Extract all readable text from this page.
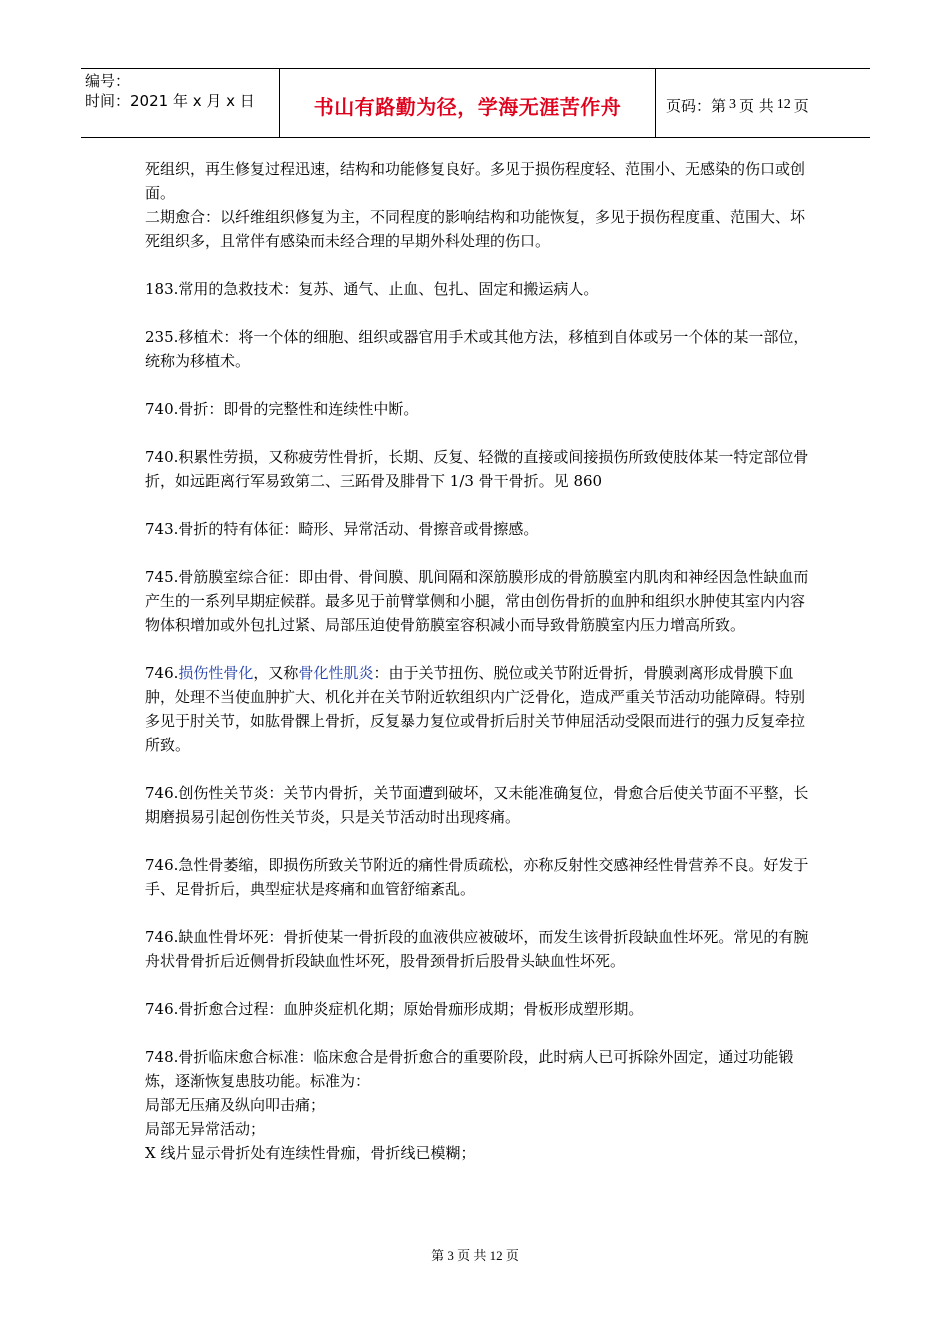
编号：
时间：2021 年 x 月 x 日	书山有路勤为径，学海无涯苦作舟	页码：第 3 页 共 12 页

死组织，再生修复过程迅速，结构和功能修复良好。多见于损伤程度轻、范围小、无感染的伤口或创面。

二期愈合：以纤维组织修复为主，不同程度的影响结构和功能恢复，多见于损伤程度重、范围大、坏死组织多，且常伴有感染而未经合理的早期外科处理的伤口。

183.常用的急救技术：复苏、通气、止血、包扎、固定和搬运病人。

235.移植术：将一个体的细胞、组织或器官用手术或其他方法，移植到自体或另一个体的某一部位，统称为移植术。

740.骨折：即骨的完整性和连续性中断。

740.积累性劳损，又称疲劳性骨折，长期、反复、轻微的直接或间接损伤所致使肢体某一特定部位骨折，如远距离行军易致第二、三跖骨及腓骨下 1/3 骨干骨折。见 860

743.骨折的特有体征：畸形、异常活动、骨擦音或骨擦感。

745.骨筋膜室综合征：即由骨、骨间膜、肌间隔和深筋膜形成的骨筋膜室内肌肉和神经因急性缺血而产生的一系列早期症候群。最多见于前臂掌侧和小腿，常由创伤骨折的血肿和组织水肿使其室内内容物体积增加或外包扎过紧、局部压迫使骨筋膜室容积减小而导致骨筋膜室内压力增高所致。

746.损伤性骨化，又称骨化性肌炎：由于关节扭伤、脱位或关节附近骨折，骨膜剥离形成骨膜下血肿，处理不当使血肿扩大、机化并在关节附近软组织内广泛骨化，造成严重关节活动功能障碍。特别多见于肘关节，如肱骨髁上骨折，反复暴力复位或骨折后肘关节伸屈活动受限而进行的强力反复牵拉所致。

746.创伤性关节炎：关节内骨折，关节面遭到破坏，又未能准确复位，骨愈合后使关节面不平整，长期磨损易引起创伤性关节炎，只是关节活动时出现疼痛。

746.急性骨萎缩，即损伤所致关节附近的痛性骨质疏松，亦称反射性交感神经性骨营养不良。好发于手、足骨折后，典型症状是疼痛和血管舒缩紊乱。

746.缺血性骨坏死：骨折使某一骨折段的血液供应被破坏，而发生该骨折段缺血性坏死。常见的有腕舟状骨骨折后近侧骨折段缺血性坏死，股骨颈骨折后股骨头缺血性坏死。

746.骨折愈合过程：血肿炎症机化期；原始骨痂形成期；骨板形成塑形期。

748.骨折临床愈合标准：临床愈合是骨折愈合的重要阶段，此时病人已可拆除外固定，通过功能锻炼，逐渐恢复患肢功能。标准为：

局部无压痛及纵向叩击痛；

局部无异常活动；

X 线片显示骨折处有连续性骨痂，骨折线已模糊；

第 3 页 共 12 页
